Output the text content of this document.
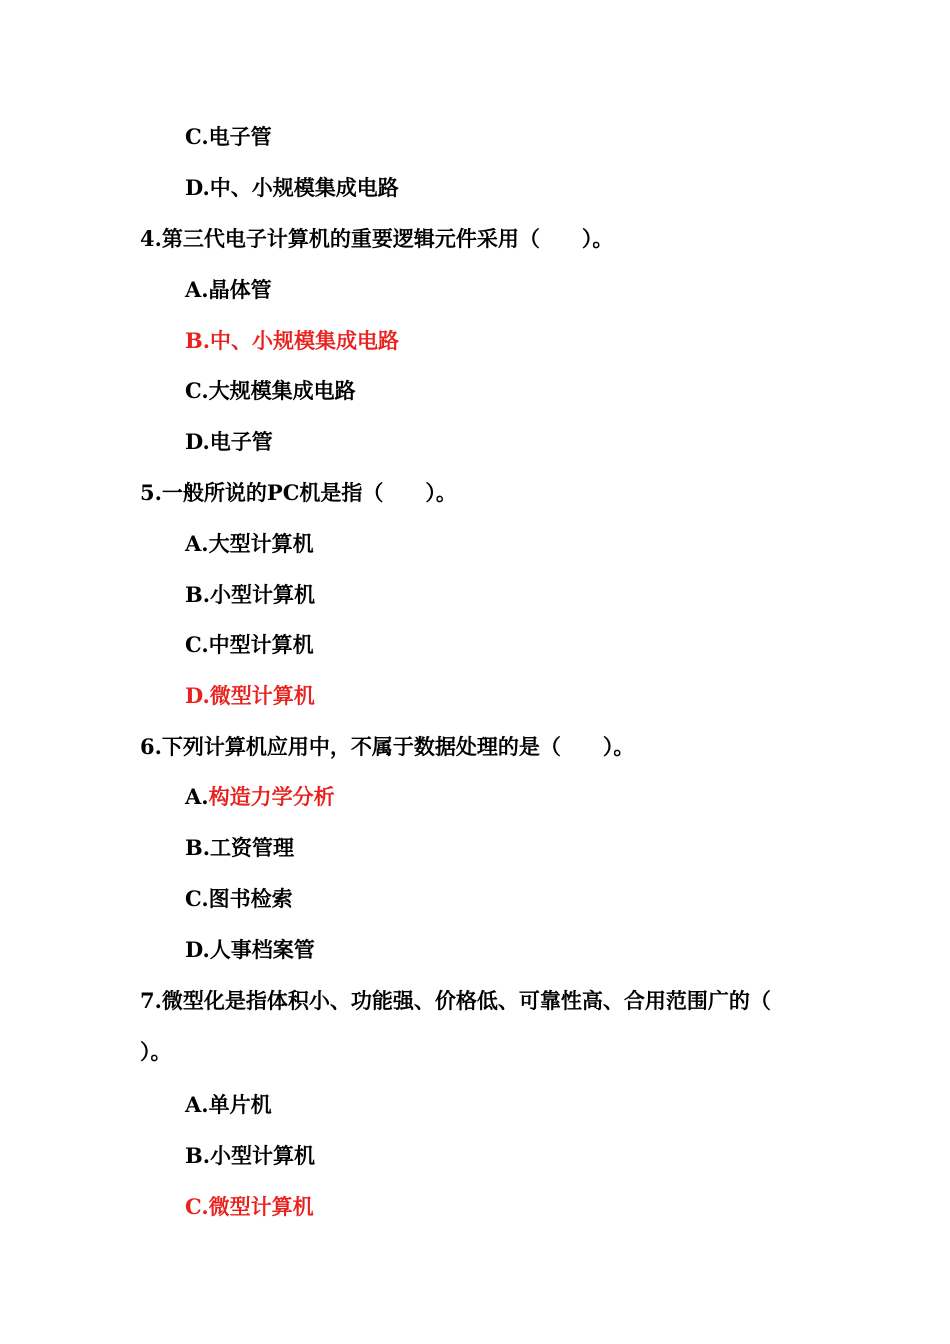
C.电子管
D.中、小规模集成电路
4.第三代电子计算机的重要逻辑元件采用（　　）。
A.晶体管
B.中、小规模集成电路
C.大规模集成电路
D.电子管
5.一般所说的PC机是指（　　）。
A.大型计算机
B.小型计算机
C.中型计算机
D.微型计算机
6.下列计算机应用中，不属于数据处理的是（　　）。
A.构造力学分析
B.工资管理
C.图书检索
D.人事档案管
7.微型化是指体积小、功能强、价格低、可靠性高、合用范围广的（
）。
A.单片机
B.小型计算机
C.微型计算机
